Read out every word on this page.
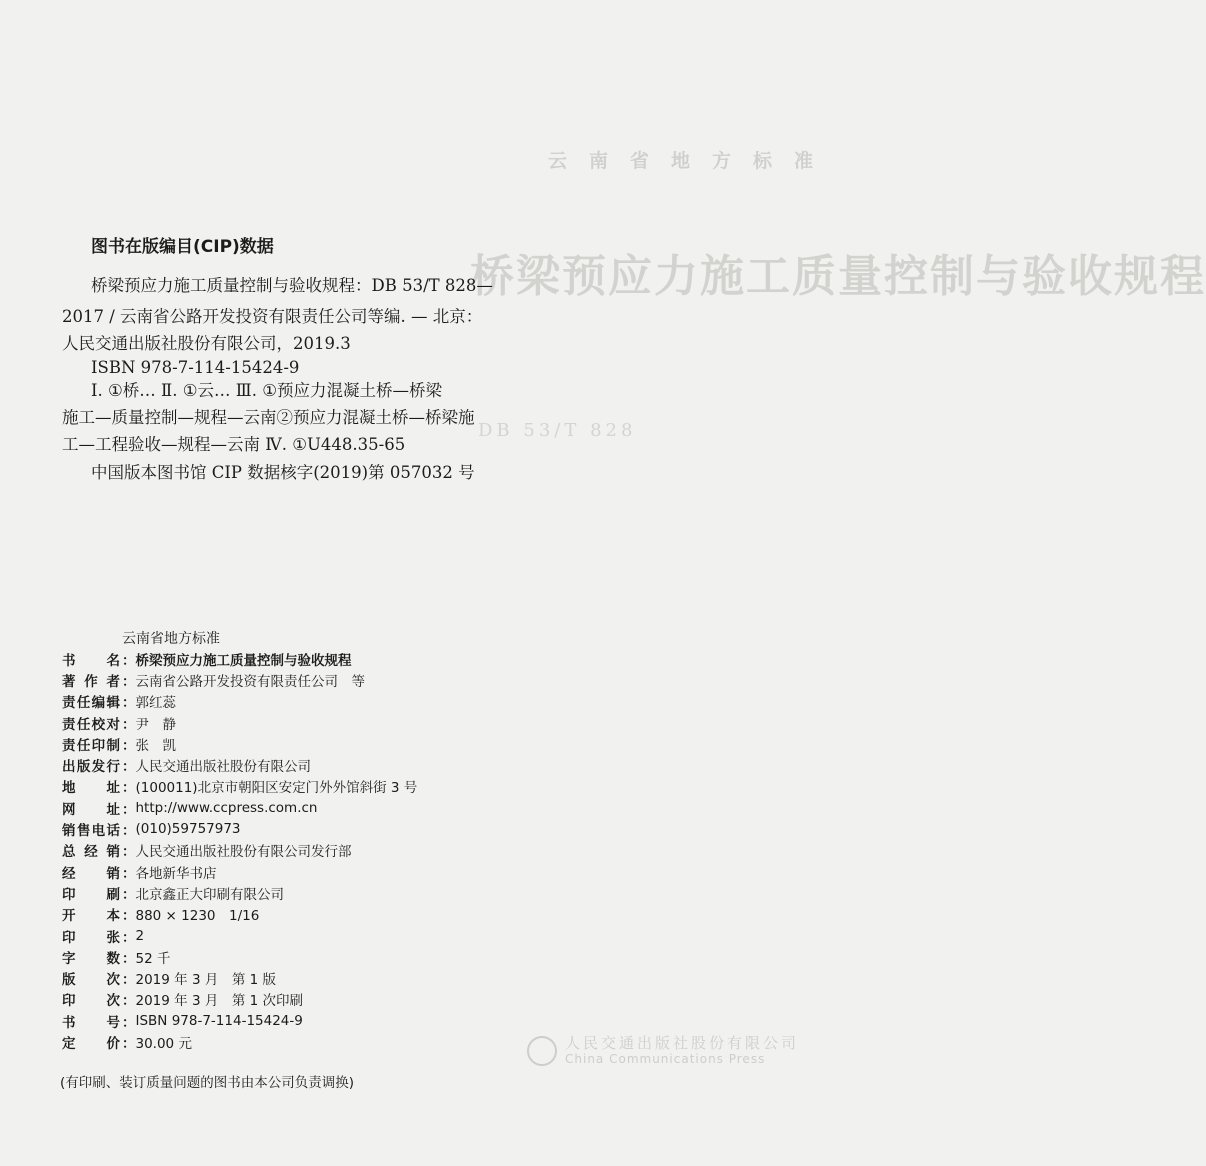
云南省地方标准
桥梁预应力施工质量控制与验收规程
DB 53/T 828
人民交通出版社股份有限公司
China Communications Press
图书在版编目(CIP)数据
桥梁预应力施工质量控制与验收规程：DB 53/T 828—
2017 / 云南省公路开发投资有限责任公司等编. — 北京：
人民交通出版社股份有限公司，2019.3
ISBN 978-7-114-15424-9
Ⅰ. ①桥… Ⅱ. ①云… Ⅲ. ①预应力混凝土桥—桥梁
施工—质量控制—规程—云南②预应力混凝土桥—桥梁施
工—工程验收—规程—云南 Ⅳ. ①U448.35-65
中国版本图书馆 CIP 数据核字(2019)第 057032 号
云南省地方标准
书 名 ： 桥梁预应力施工质量控制与验收规程
著 作 者 ： 云南省公路开发投资有限责任公司　等
责 任 编 辑 ： 郭红蕊
责 任 校 对 ： 尹　静
责 任 印 制 ： 张　凯
出 版 发 行 ： 人民交通出版社股份有限公司
地 址 ： (100011)北京市朝阳区安定门外外馆斜街 3 号
网 址 ： http://www.ccpress.com.cn
销 售 电 话 ： (010)59757973
总 经 销 ： 人民交通出版社股份有限公司发行部
经 销 ： 各地新华书店
印 刷 ： 北京鑫正大印刷有限公司
开 本 ： 880 × 1230　1/16
印 张 ： 2
字 数 ： 52 千
版 次 ： 2019 年 3 月　第 1 版
印 次 ： 2019 年 3 月　第 1 次印刷
书 号 ： ISBN 978-7-114-15424-9
定 价 ： 30.00 元
(有印刷、装订质量问题的图书由本公司负责调换)
